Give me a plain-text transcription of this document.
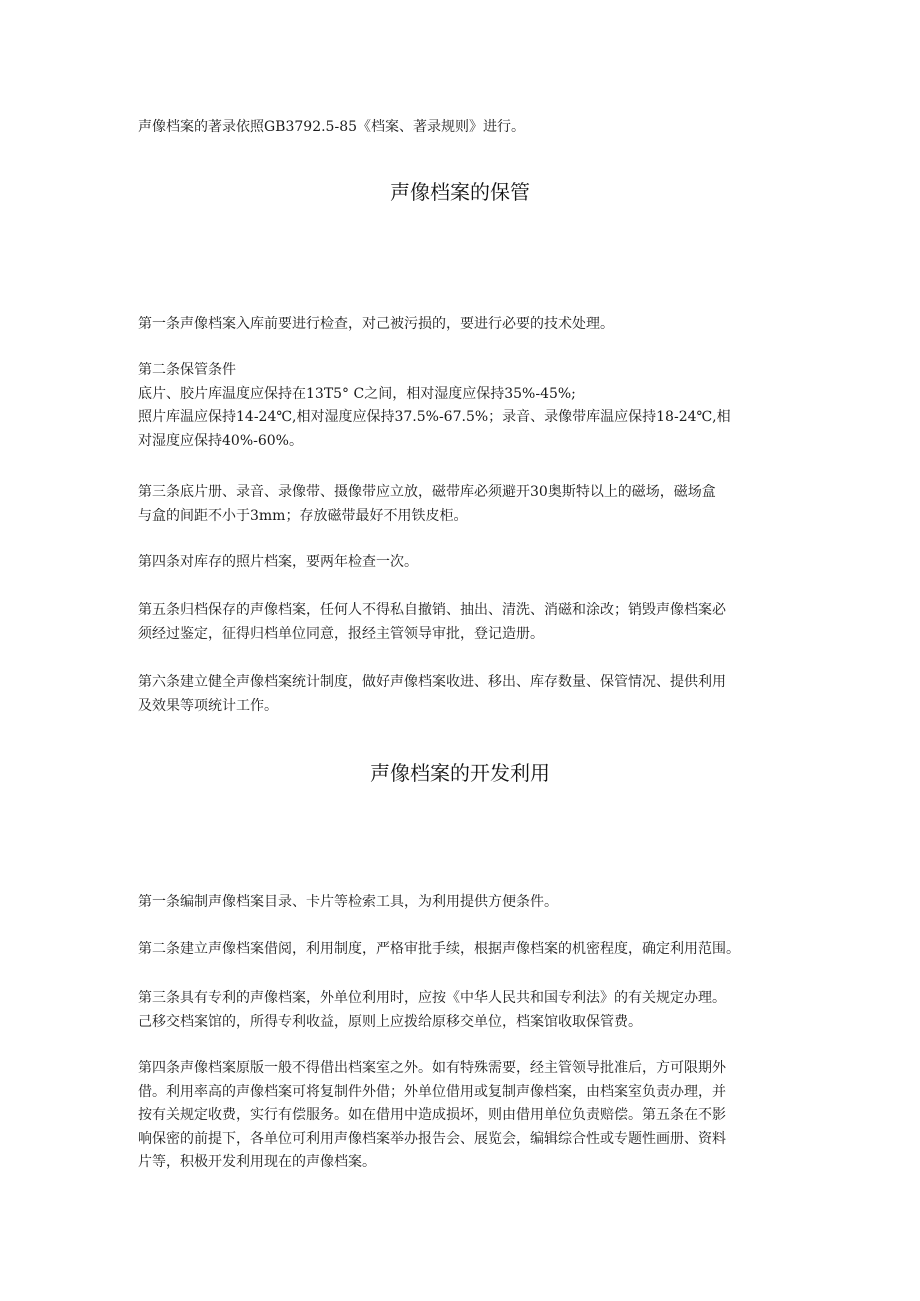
声像档案的著录依照GB3792.5-85《档案、著录规则》进行。
声像档案的保管
第一条声像档案入库前要进行检查，对己被污损的，要进行必要的技术处理。
第二条保管条件
底片、胶片库温度应保持在13T5° C之间，相对湿度应保持35%-45%;
照片库温应保持14-24℃,相对湿度应保持37.5%-67.5%；录音、录像带库温应保持18-24℃,相
对湿度应保持40%-60%。
第三条底片册、录音、录像带、摄像带应立放，磁带库必须避开30奥斯特以上的磁场，磁场盒
与盒的间距不小于3mm；存放磁带最好不用铁皮柜。
第四条对库存的照片档案，要两年检查一次。
第五条归档保存的声像档案，任何人不得私自撤销、抽出、清洗、消磁和涂改；销毁声像档案必
须经过鉴定，征得归档单位同意，报经主管领导审批，登记造册。
第六条建立健全声像档案统计制度，做好声像档案收进、移出、库存数量、保管情况、提供利用
及效果等项统计工作。
声像档案的开发利用
第一条编制声像档案目录、卡片等检索工具，为利用提供方便条件。
第二条建立声像档案借阅，利用制度，严格审批手续，根据声像档案的机密程度，确定利用范围。
第三条具有专利的声像档案，外单位利用时，应按《中华人民共和国专利法》的有关规定办理。
己移交档案馆的，所得专利收益，原则上应拨给原移交单位，档案馆收取保管费。
第四条声像档案原版一般不得借出档案室之外。如有特殊需要，经主管领导批准后，方可限期外
借。利用率高的声像档案可将复制件外借；外单位借用或复制声像档案，由档案室负责办理，并
按有关规定收费，实行有偿服务。如在借用中造成损坏，则由借用单位负责赔偿。第五条在不影
响保密的前提下，各单位可利用声像档案举办报告会、展览会，编辑综合性或专题性画册、资料
片等，积极开发利用现在的声像档案。
